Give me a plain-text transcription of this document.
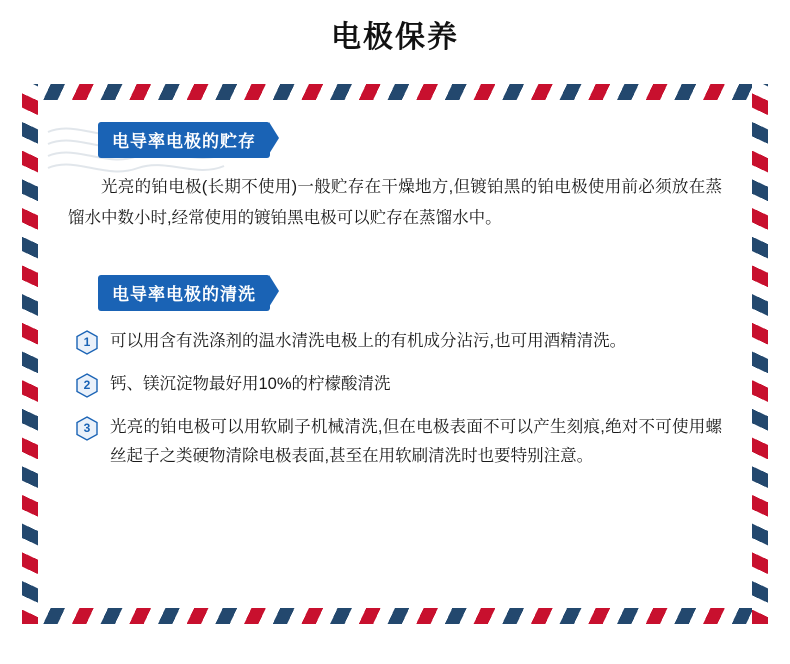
电极保养
电导率电极的贮存
光亮的铂电极(长期不使用)一般贮存在干燥地方,但镀铂黑的铂电极使用前必须放在蒸馏水中数小时,经常使用的镀铂黑电极可以贮存在蒸馏水中。
电导率电极的清洗
1	可以用含有洗涤剂的温水清洗电极上的有机成分沾污,也可用酒精清洗。
2	钙、镁沉淀物最好用10%的柠檬酸清洗
3	光亮的铂电极可以用软刷子机械清洗,但在电极表面不可以产生刻痕,绝对不可使用螺丝起子之类硬物清除电极表面,甚至在用软刷清洗时也要特别注意。
